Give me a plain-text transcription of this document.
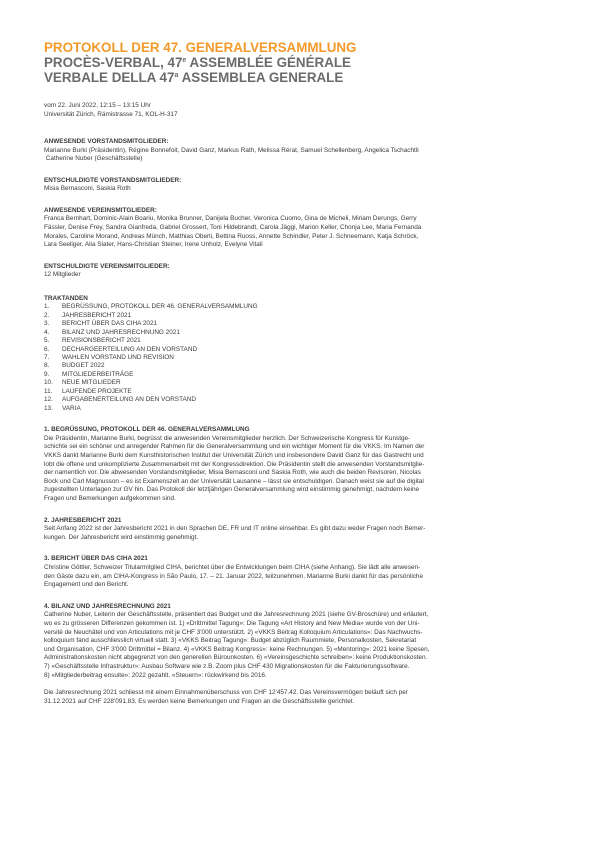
PROTOKOLL DER 47. GENERALVERSAMMLUNG

PROCÈS-VERBAL, 47e ASSEMBLÉE GÉNÉRALE

VERBALE DELLA 47$^a$ ASSEMBLEA GENERALE

vom 22. Juni 2022, 12:15 – 13:15 Uhr
Universität Zürich, Rämistrasse 71, KOL-H-317
ANWESENDE VORSTANDSMITGLIEDER:
Marianne Burki (Präsidentin), Régine Bonnefoit, David Ganz, Markus Rath, Melissa Rérat, Samuel Schellenberg, Angelica Tschachtli
Catherine Nuber (Geschäftsstelle)
ENTSCHULDIGTE VORSTANDSMITGLIEDER:
Misia Bernasconi, Saskia Roth
ANWESENDE VEREINSMITGLIEDER:
Franca Bernhart, Dominic-Alain Boariu, Monika Brunner, Danijela Bucher, Veronica Cuomo, Gina de Micheli, Miriam Derungs, Gerry
Fässler, Denise Frey, Sandra Gianfreda, Gabriel Grossert, Toni Hildebrandt, Carola Jäggi, Marion Keller, Chonja Lee, Maria Fernanda
Morales, Caroline Morand, Andreas Münch, Matthias Oberli, Bettina Ruoss, Annette Schindler, Peter J. Schneemann, Katja Schröck,
Lara Seeliger, Alia Slater, Hans-Christian Steiner, Irene Unholz, Evelyne Vitali
ENTSCHULDIGTE VEREINSMITGLIEDER:
12 Mitglieder
TRAKTANDEN
1.	BEGRÜSSUNG, PROTOKOLL DER 46. GENERALVERSAMMLUNG
2.	JAHRESBERICHT 2021
3.	BERICHT ÜBER DAS CIHA 2021
4.	BILANZ UND JAHRESRECHNUNG 2021
5.	REVISIONSBERICHT 2021
6.	DECHARGEERTEILUNG AN DEN VORSTAND
7.	WAHLEN VORSTAND UND REVISION
8.	BUDGET 2022
9.	MITGLIEDERBEITRÄGE
10.	NEUE MITGLIEDER
11.	LAUFENDE PROJEKTE
12.	AUFGABENERTEILUNG AN DEN VORSTAND
13.	VARIA
1. BEGRÜSSUNG, PROTOKOLL DER 46. GENERALVERSAMMLUNG
Die Präsidentin, Marianne Burki, begrüsst die anwesenden Vereinsmitglieder herzlich. Der Schweizerische Kongress für Kunstge-
schichte sei ein schöner und anregender Rahmen für die Generalversammlung und ein wichtiger Moment für die VKKS. Im Namen der
VKKS dankt Marianne Burki dem Kunsthistorischen Institut der Universität Zürich und insbesondere David Ganz für das Gastrecht und
lobt die offene und unkomplizierte Zusammenarbeit mit der Kongressdirektion. Die Präsidentin stellt die anwesenden Vorstandsmitglie-
der namentlich vor. Die abwesenden Vorstandsmitglieder, Misia Bernasconi und Saskia Roth, wie auch die beiden Revisoren, Nicolas
Bock und Carl Magnusson – es ist Examenszeit an der Universität Lausanne – lässt sie entschuldigen. Danach weist sie auf die digital
zugestellten Unterlagen zur GV hin. Das Protokoll der letztjährigen Generalversammlung wird einstimmig genehmigt, nachdem keine
Fragen und Bemerkungen aufgekommen sind.
2. JAHRESBERICHT 2021
Seit Anfang 2022 ist der Jahresbericht 2021 in den Sprachen DE, FR und IT online einsehbar. Es gibt dazu weder Fragen noch Bemer-
kungen. Der Jahresbericht wird einstimmig genehmigt.
3. BERICHT ÜBER DAS CIHA 2021
Christine Göttler, Schweizer Titularmitglied CIHA, berichtet über die Entwicklungen beim CIHA (siehe Anhang). Sie lädt alle anwesen-
den Gäste dazu ein, am CIHA-Kongress in São Paulo, 17. – 21. Januar 2022, teilzunehmen. Marianne Burki dankt für das persönliche
Engagement und den Bericht.
4. BILANZ UND JAHRESRECHNUNG 2021
Catherine Nuber, Leiterin der Geschäftsstelle, präsentiert das Budget und die Jahresrechnung 2021 (siehe GV-Broschüre) und erläutert,
wo es zu grösseren Differenzen gekommen ist. 1) «Drittmittel Tagung»: Die Tagung «Art History and New Media» wurde von der Uni-
versité de Neuchâtel und von Articulations mit je CHF 3'000 unterstützt. 2) «VKKS Beitrag Kolloquium Articulations»: Das Nachwuchs-
kolloquium fand ausschliesslich virtuell statt. 3) «VKKS Beitrag Tagung»: Budget abzüglich Raummiete, Personalkosten, Sekretariat
und Organisation, CHF 3'000 Drittmittel = Bilanz. 4) «VKKS Beitrag Kongress»: keine Rechnungen. 5) «Mentoring»: 2021 keine Spesen,
Administrationskosten nicht abgegrenzt von den generellen Bürounkosten. 6) «Vereinsgeschichte schreiben»: keine Produktionskosten.
7) «Geschäftsstelle Infrastruktur»: Ausbau Software wie z.B. Zoom plus CHF 430 Migrationskosten für die Fakturierungssoftware.
8) «Mitgliederbeitrag ensuite»: 2022 gezahlt. «Steuern»: rückwirkend bis 2016.
Die Jahresrechnung 2021 schliesst mit einem Einnahmenüberschuss von CHF 12'457.42. Das Vereinsvermögen beläuft sich per
31.12.2021 auf CHF 228'091.83. Es werden keine Bemerkungen und Fragen an die Geschäftsstelle gerichtet.
